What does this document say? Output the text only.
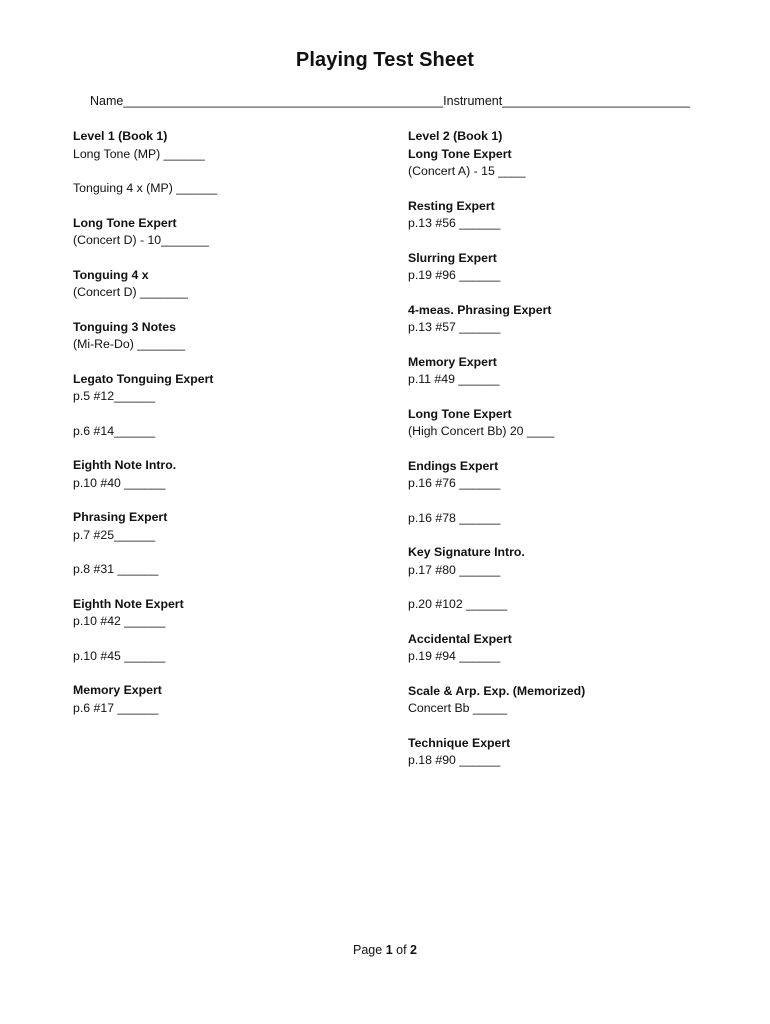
Playing Test Sheet
Name______________________________________________Instrument___________________________
Level 1 (Book 1)
Long Tone (MP) ______
Tonguing 4 x (MP) ______
Long Tone Expert
(Concert D) - 10_______
Tonguing 4 x
(Concert D) _______
Tonguing 3 Notes
(Mi-Re-Do) _______
Legato Tonguing Expert
p.5 #12______
p.6 #14______
Eighth Note Intro.
p.10 #40 ______
Phrasing Expert
p.7 #25______
p.8 #31 ______
Eighth Note Expert
p.10 #42 ______
p.10 #45 ______
Memory Expert
p.6 #17 ______
Level 2 (Book 1)
Long Tone Expert
(Concert A) - 15 ____
Resting Expert
p.13 #56 ______
Slurring Expert
p.19 #96 ______
4-meas. Phrasing Expert
p.13 #57 ______
Memory Expert
p.11 #49 ______
Long Tone Expert
(High Concert Bb) 20 ____
Endings Expert
p.16 #76 ______
p.16 #78 ______
Key Signature Intro.
p.17 #80 ______
p.20 #102 ______
Accidental Expert
p.19 #94 ______
Scale & Arp. Exp. (Memorized)
Concert Bb _____
Technique Expert
p.18 #90 ______
Page 1 of 2
